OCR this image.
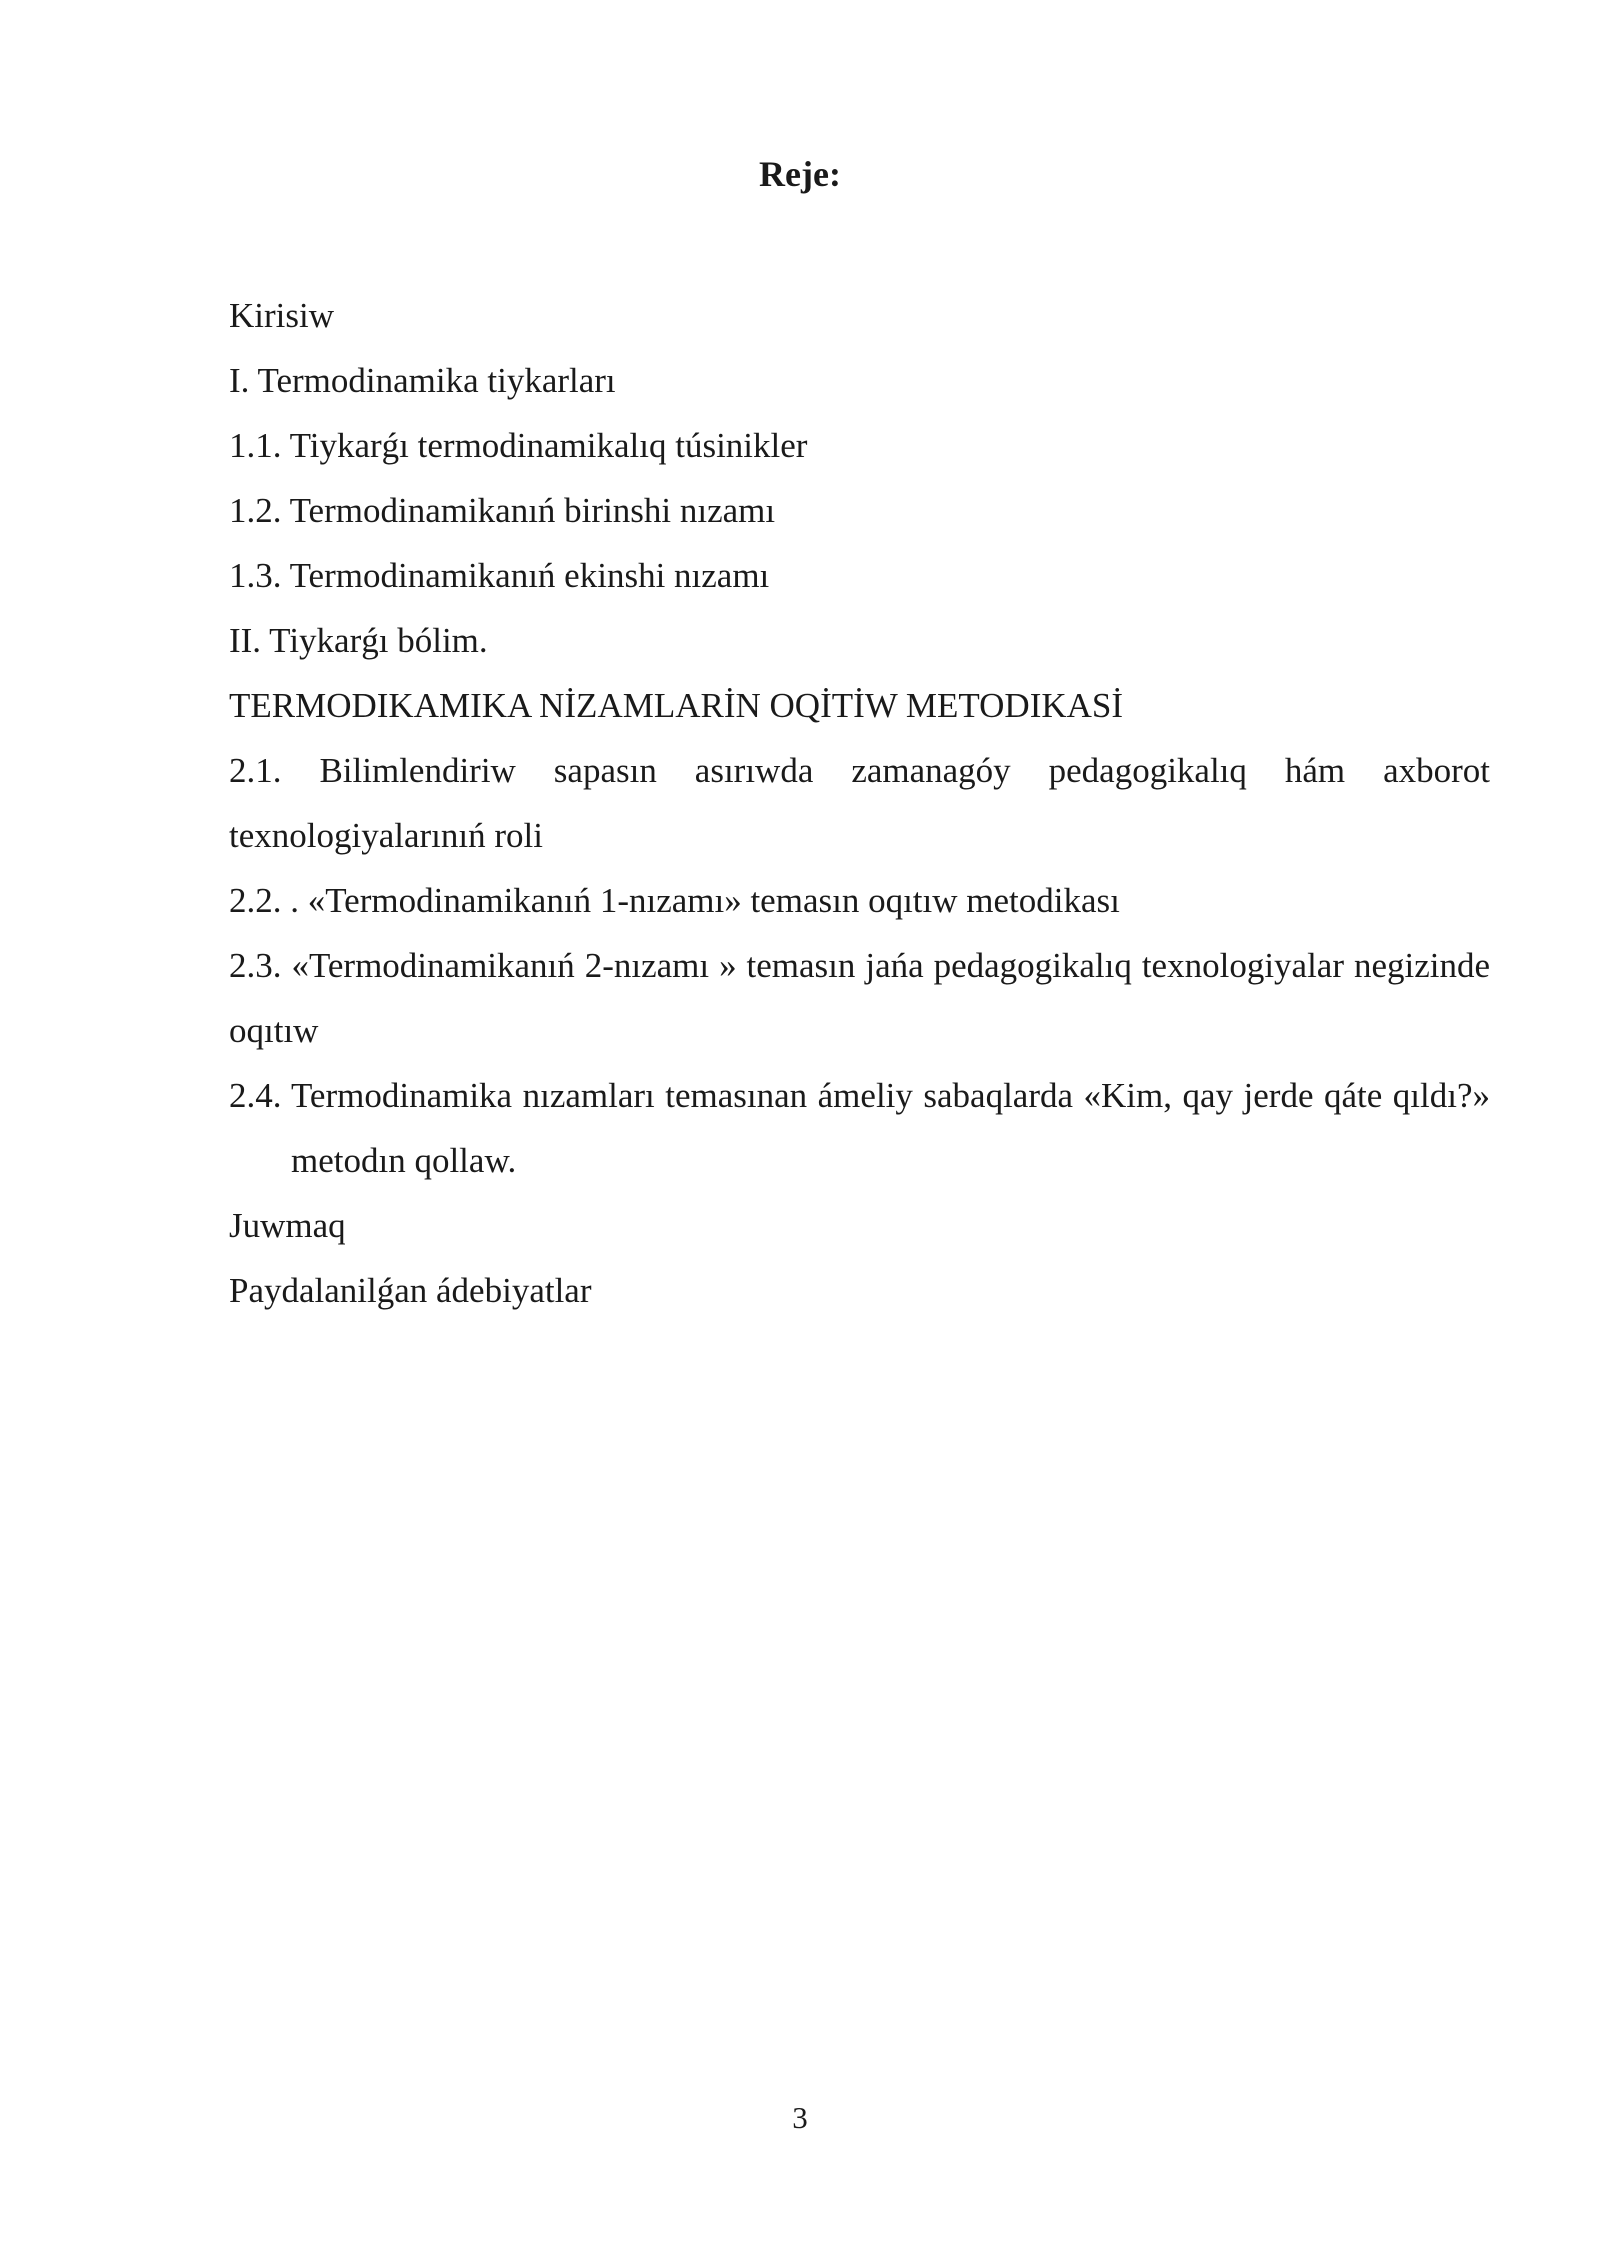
Reje:

Kirisiw

I. Termodinamika tiykarları

1.1. Tiykarǵı termodinamikalıq túsinikler

1.2. Termodinamikanıń birinshi nızamı

1.3. Termodinamikanıń ekinshi nızamı

II. Tiykarǵı bólim.

TERMODIKAMIKA NİZAMLARİN OQİTİW METODIKASİ

2.1. Bilimlendiriw sapasın asırıwda zamanagóy pedagogikalıq hám axborot texnologiyalarınıń roli

2.2. . «Termodinamikanıń 1-nızamı» temasın oqıtıw metodikası

2.3. «Termodinamikanıń 2-nızamı » temasın jańa pedagogikalıq texnologiyalar negizinde oqıtıw

2.4. Termodinamika nızamları temasınan ámeliy sabaqlarda «Kim, qay jerde qáte qıldı?» metodın qollaw.

Juwmaq

Paydalanilǵan ádebiyatlar

3
